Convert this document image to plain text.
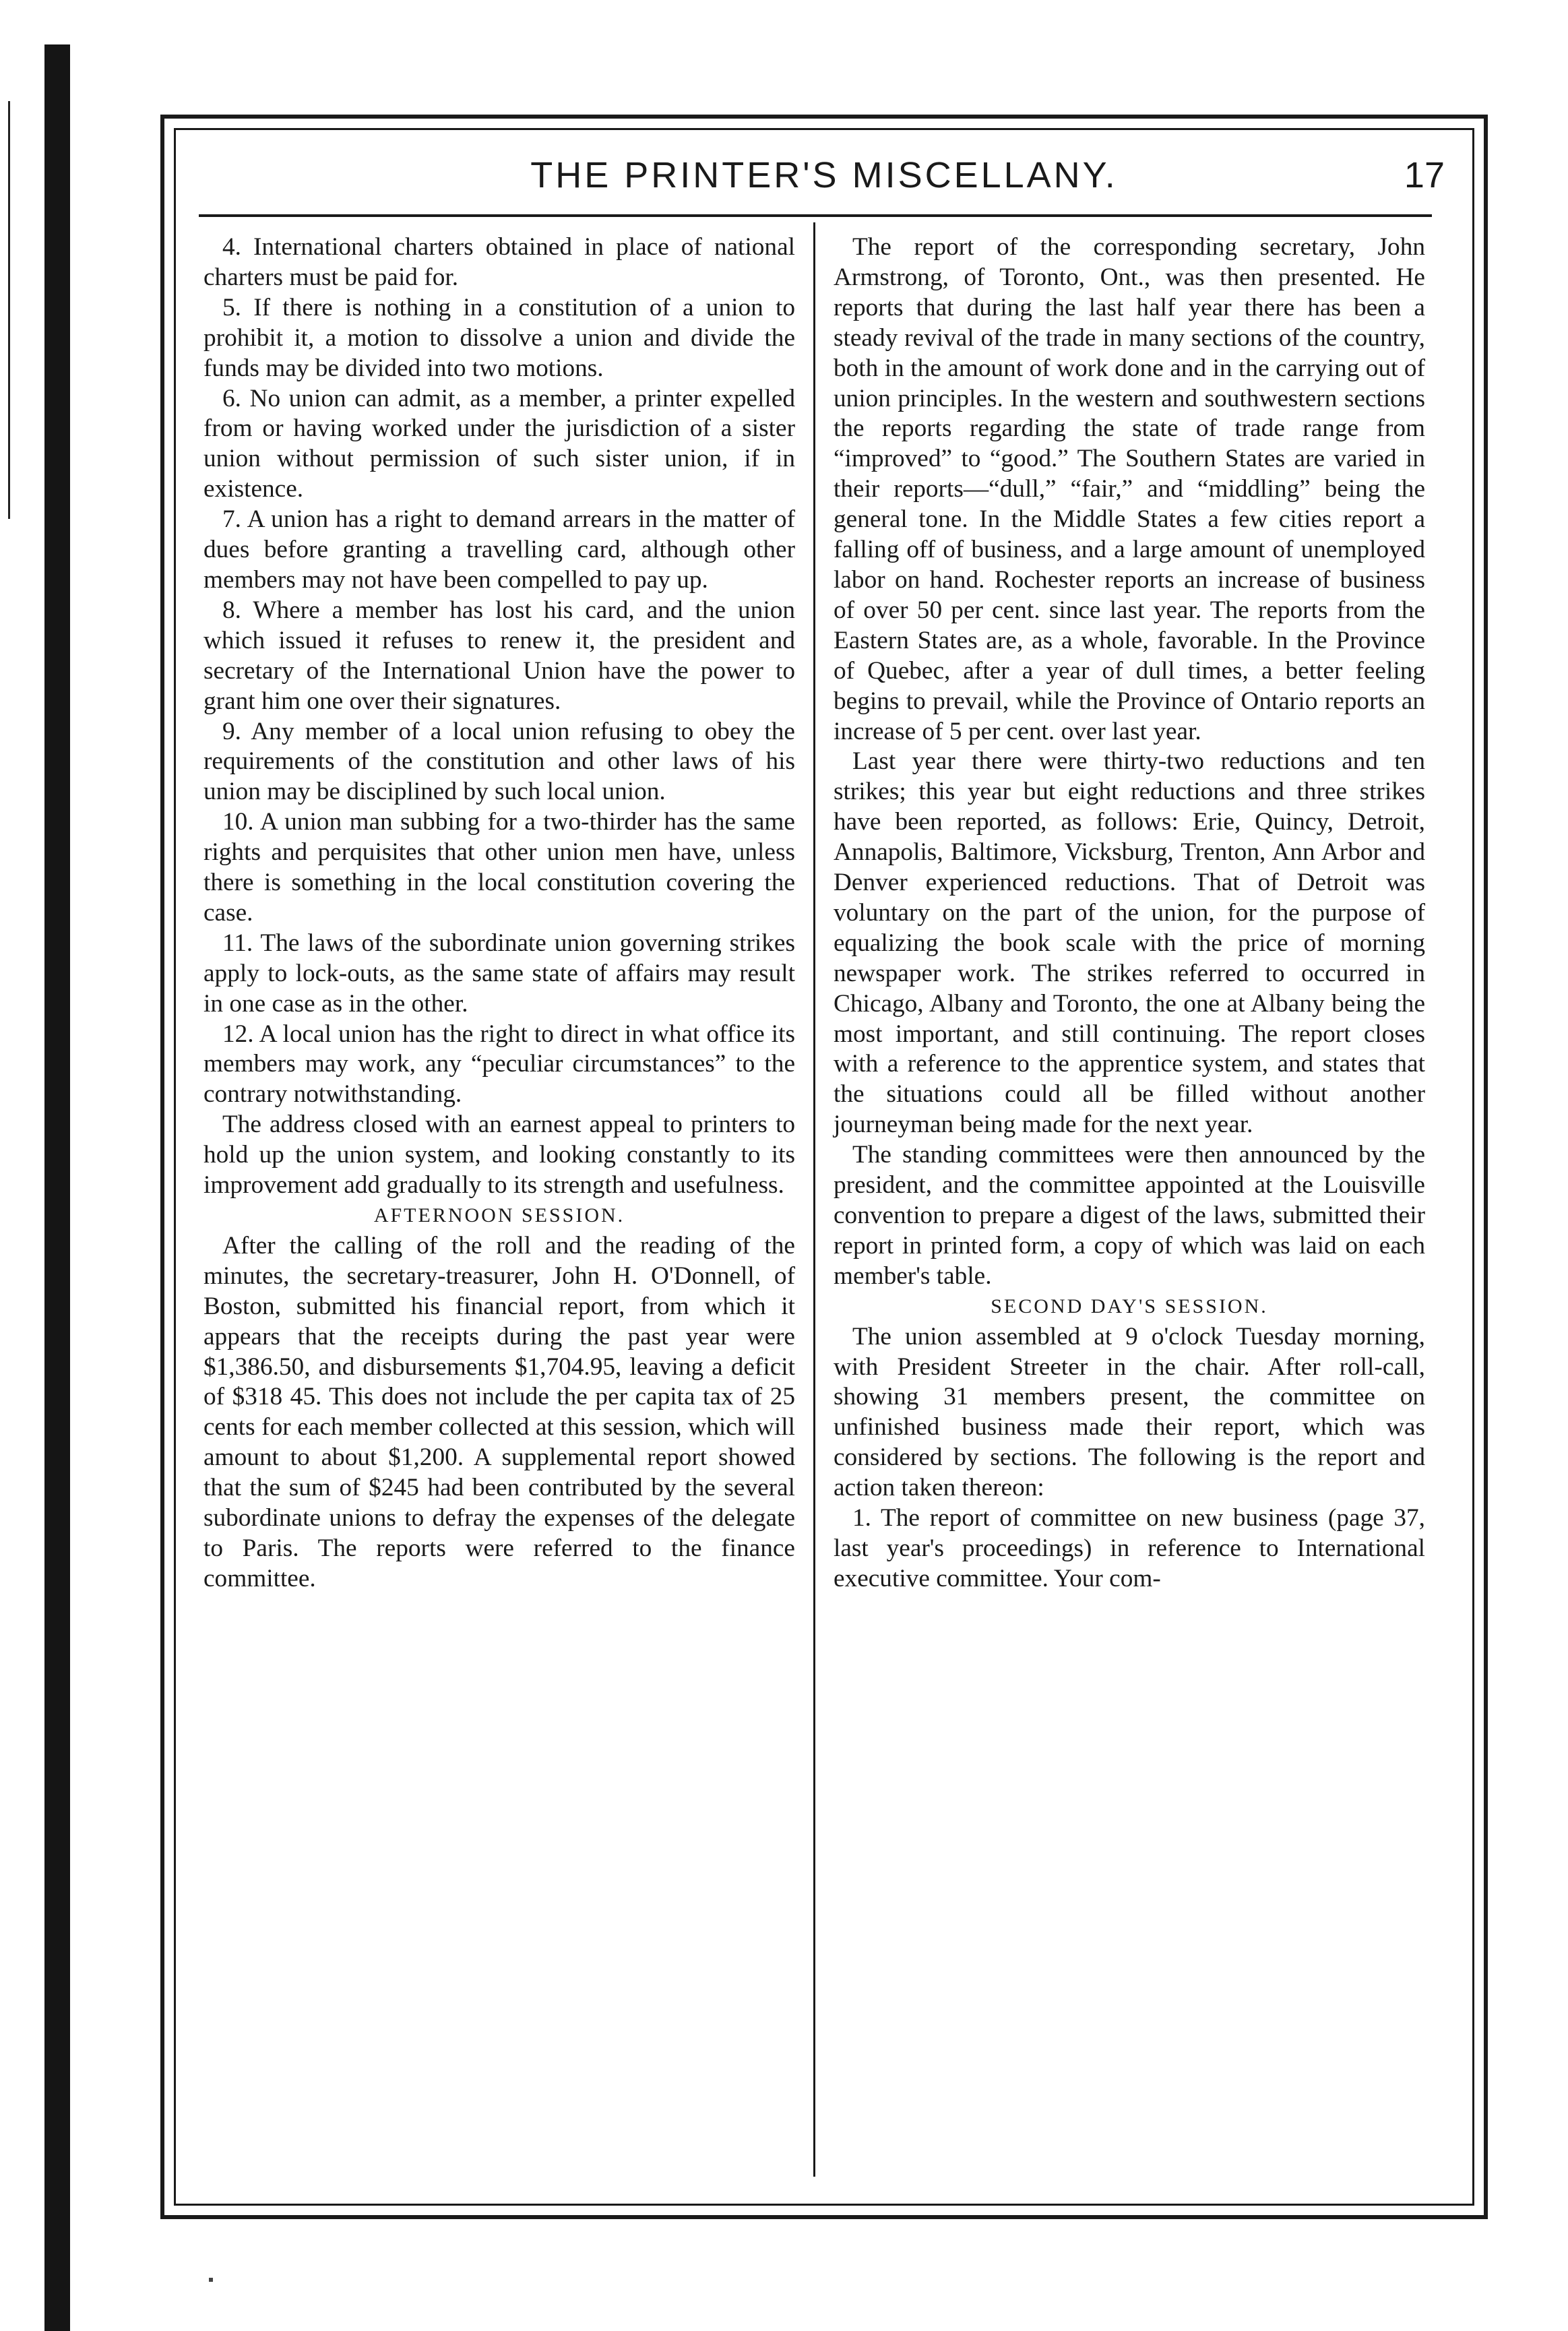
THE PRINTER'S MISCELLANY.	17

4. International charters obtained in place of national charters must be paid for.

5. If there is nothing in a constitution of a union to prohibit it, a motion to dissolve a union and divide the funds may be divided into two motions.

6. No union can admit, as a member, a printer expelled from or having worked under the jurisdiction of a sister union without permission of such sister union, if in existence.

7. A union has a right to demand arrears in the matter of dues before granting a travelling card, although other members may not have been compelled to pay up.

8. Where a member has lost his card, and the union which issued it refuses to renew it, the president and secretary of the International Union have the power to grant him one over their signatures.

9. Any member of a local union refusing to obey the requirements of the constitution and other laws of his union may be disciplined by such local union.

10. A union man subbing for a two-thirder has the same rights and perquisites that other union men have, unless there is something in the local constitution covering the case.

11. The laws of the subordinate union governing strikes apply to lock-outs, as the same state of affairs may result in one case as in the other.

12. A local union has the right to direct in what office its members may work, any “peculiar circumstances” to the contrary notwithstanding.

The address closed with an earnest appeal to printers to hold up the union system, and looking constantly to its improvement add gradually to its strength and usefulness.

AFTERNOON SESSION.

After the calling of the roll and the reading of the minutes, the secretary-treasurer, John H. O'Donnell, of Boston, submitted his financial report, from which it appears that the receipts during the past year were $1,386.50, and disbursements $1,704.95, leaving a deficit of $318 45. This does not include the per capita tax of 25 cents for each member collected at this session, which will amount to about $1,200. A supplemental report showed that the sum of $245 had been contributed by the several subordinate unions to defray the expenses of the delegate to Paris. The reports were referred to the finance committee.

The report of the corresponding secretary, John Armstrong, of Toronto, Ont., was then presented. He reports that during the last half year there has been a steady revival of the trade in many sections of the country, both in the amount of work done and in the carrying out of union principles. In the western and southwestern sections the reports regarding the state of trade range from “improved” to “good.” The Southern States are varied in their reports—“dull,” “fair,” and “middling” being the general tone. In the Middle States a few cities report a falling off of business, and a large amount of unemployed labor on hand. Rochester reports an increase of business of over 50 per cent. since last year. The reports from the Eastern States are, as a whole, favorable. In the Province of Quebec, after a year of dull times, a better feeling begins to prevail, while the Province of Ontario reports an increase of 5 per cent. over last year.

Last year there were thirty-two reductions and ten strikes; this year but eight reductions and three strikes have been reported, as follows: Erie, Quincy, Detroit, Annapolis, Baltimore, Vicksburg, Trenton, Ann Arbor and Denver experienced reductions. That of Detroit was voluntary on the part of the union, for the purpose of equalizing the book scale with the price of morning newspaper work. The strikes referred to occurred in Chicago, Albany and Toronto, the one at Albany being the most important, and still continuing. The report closes with a reference to the apprentice system, and states that the situations could all be filled without another journeyman being made for the next year.

The standing committees were then announced by the president, and the committee appointed at the Louisville convention to prepare a digest of the laws, submitted their report in printed form, a copy of which was laid on each member's table.

SECOND DAY'S SESSION.

The union assembled at 9 o'clock Tuesday morning, with President Streeter in the chair. After roll-call, showing 31 members present, the committee on unfinished business made their report, which was considered by sections. The following is the report and action taken thereon:

1. The report of committee on new business (page 37, last year's proceedings) in reference to International executive committee. Your com-
